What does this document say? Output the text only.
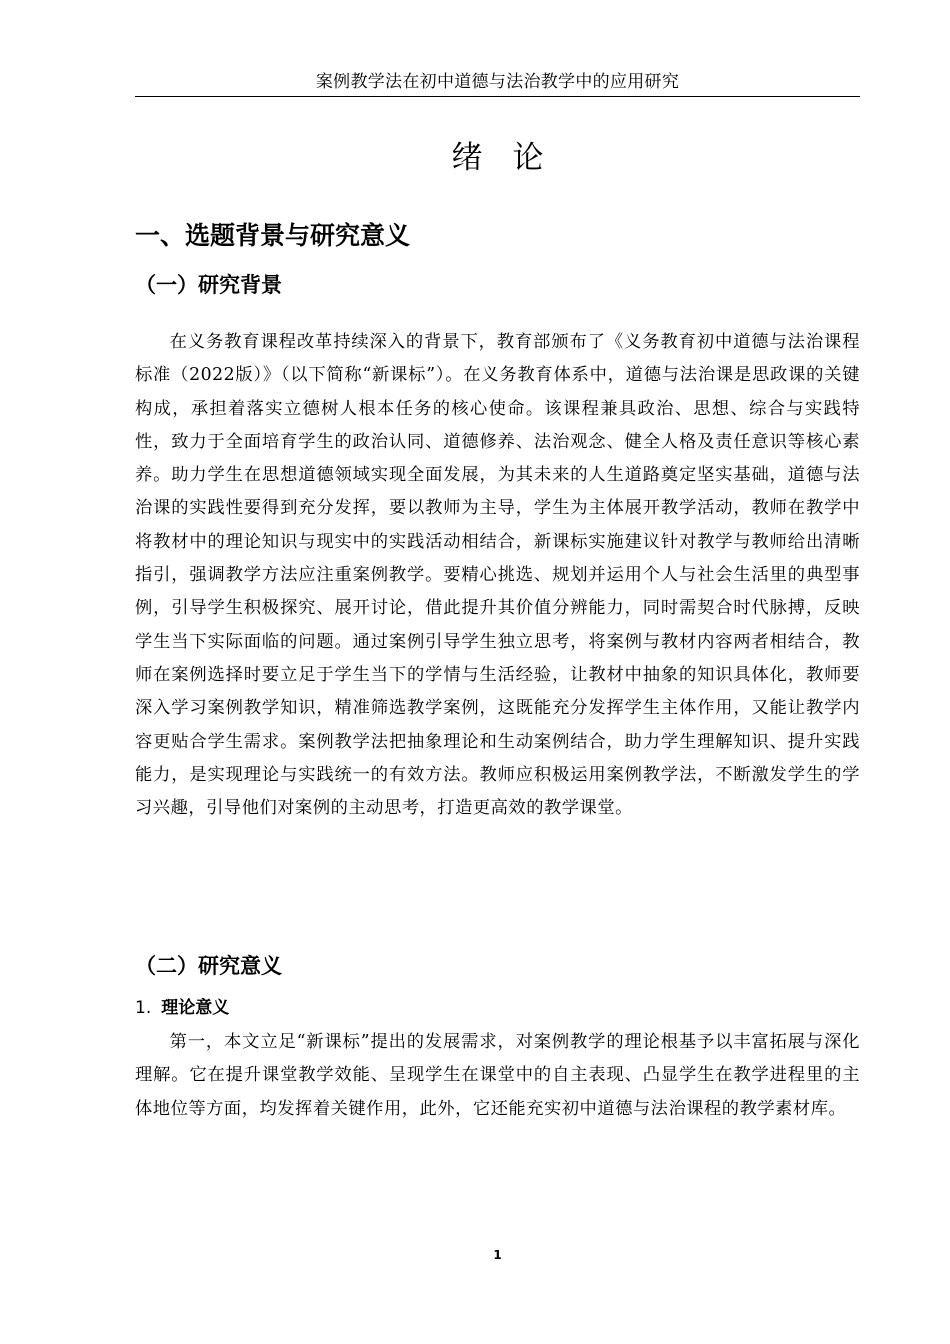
案例教学法在初中道德与法治教学中的应用研究
绪论
一、选题背景与研究意义
（一）研究背景

在义务教育课程改革持续深入的背景下，教育部颁布了《义务教育初中道德与法治课程标准（2022版）》（以下简称“新课标”）。在义务教育体系中，道德与法治课是思政课的关键构成，承担着落实立德树人根本任务的核心使命。该课程兼具政治、思想、综合与实践特性，致力于全面培育学生的政治认同、道德修养、法治观念、健全人格及责任意识等核心素养。助力学生在思想道德领域实现全面发展，为其未来的人生道路奠定坚实基础，道德与法治课的实践性要得到充分发挥，要以教师为主导，学生为主体展开教学活动，教师在教学中将教材中的理论知识与现实中的实践活动相结合，新课标实施建议针对教学与教师给出清晰指引，强调教学方法应注重案例教学。要精心挑选、规划并运用个人与社会生活里的典型事例，引导学生积极探究、展开讨论，借此提升其价值分辨能力，同时需契合时代脉搏，反映学生当下实际面临的问题。通过案例引导学生独立思考，将案例与教材内容两者相结合，教师在案例选择时要立足于学生当下的学情与生活经验，让教材中抽象的知识具体化，教师要深入学习案例教学知识，精准筛选教学案例，这既能充分发挥学生主体作用，又能让教学内容更贴合学生需求。案例教学法把抽象理论和生动案例结合，助力学生理解知识、提升实践能力，是实现理论与实践统一的有效方法。教师应积极运用案例教学法，不断激发学生的学习兴趣，引导他们对案例的主动思考，打造更高效的教学课堂。

（二）研究意义
1. 理论意义

第一，本文立足“新课标”提出的发展需求，对案例教学的理论根基予以丰富拓展与深化理解。它在提升课堂教学效能、呈现学生在课堂中的自主表现、凸显学生在教学进程里的主体地位等方面，均发挥着关键作用，此外，它还能充实初中道德与法治课程的教学素材库。

1
